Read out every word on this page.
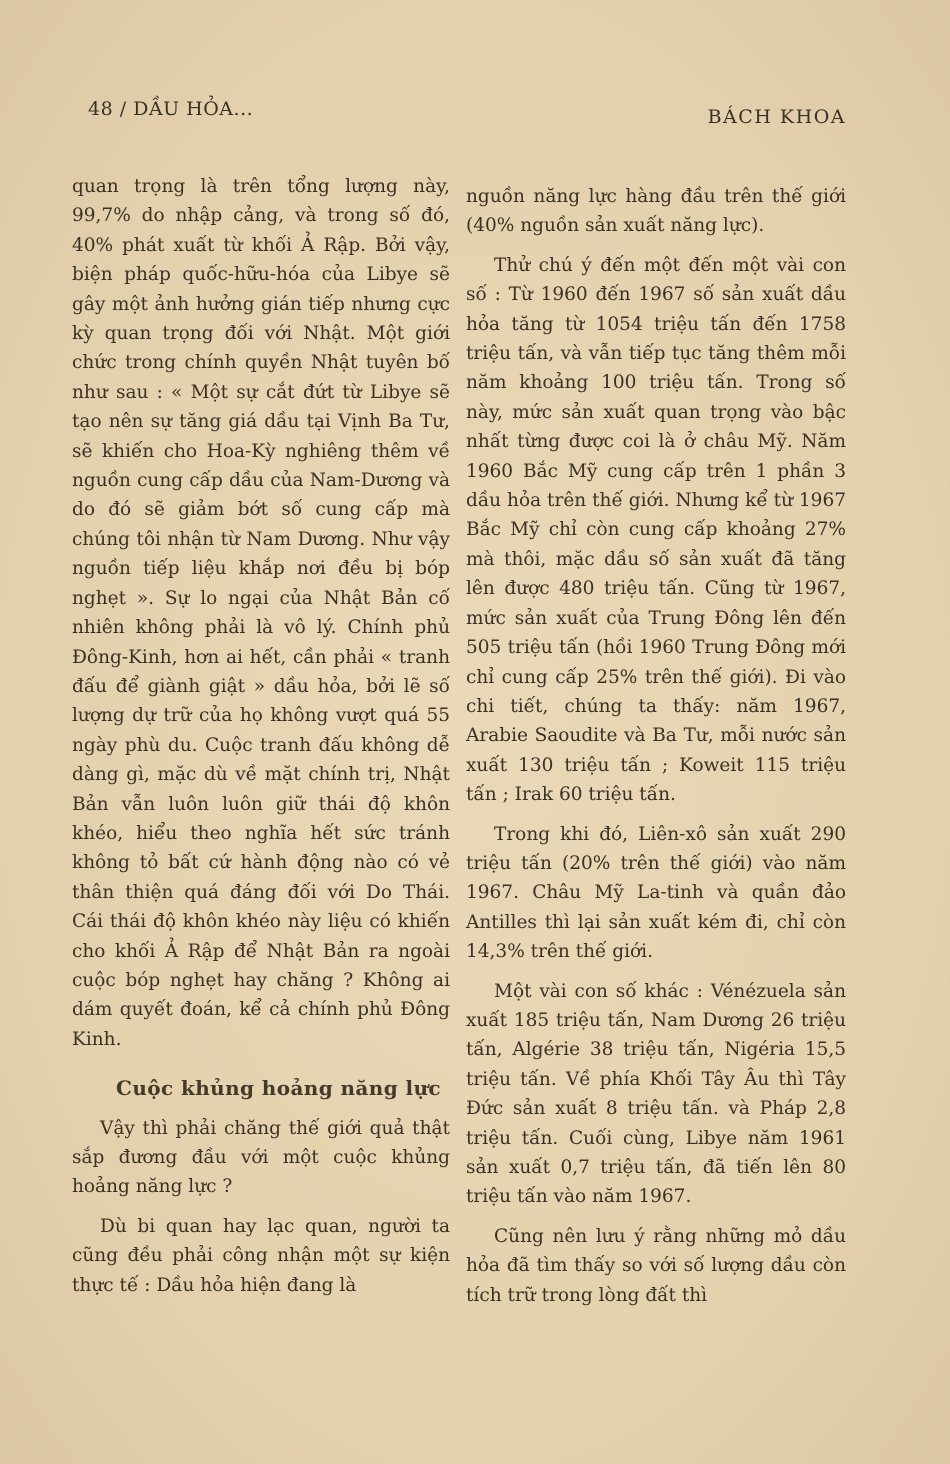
48 / DẦU HỎA...	BÁCH KHOA

quan trọng là trên tổng lượng này, 99,7% do nhập cảng, và trong số đó, 40% phát xuất từ khối Ả Rập. Bởi vậy, biện pháp quốc-hữu-hóa của Libye sẽ gây một ảnh hưởng gián tiếp nhưng cực kỳ quan trọng đối với Nhật. Một giới chức trong chính quyền Nhật tuyên bố như sau : « Một sự cắt đứt từ Libye sẽ tạo nên sự tăng giá dầu tại Vịnh Ba Tư, sẽ khiến cho Hoa-Kỳ nghiêng thêm về nguồn cung cấp dầu của Nam-Dương và do đó sẽ giảm bớt số cung cấp mà chúng tôi nhận từ Nam Dương. Như vậy nguồn tiếp liệu khắp nơi đều bị bóp nghẹt ». Sự lo ngại của Nhật Bản cố nhiên không phải là vô lý. Chính phủ Đông-Kinh, hơn ai hết, cần phải « tranh đấu để giành giật » dầu hỏa, bởi lẽ số lượng dự trữ của họ không vượt quá 55 ngày phù du. Cuộc tranh đấu không dễ dàng gì, mặc dù về mặt chính trị, Nhật Bản vẫn luôn luôn giữ thái độ khôn khéo, hiểu theo nghĩa hết sức tránh không tỏ bất cứ hành động nào có vẻ thân thiện quá đáng đối với Do Thái. Cái thái độ khôn khéo này liệu có khiến cho khối Ả Rập để Nhật Bản ra ngoài cuộc bóp nghẹt hay chăng ? Không ai dám quyết đoán, kể cả chính phủ Đông Kinh.

Cuộc khủng hoảng năng lực

Vậy thì phải chăng thế giới quả thật sắp đương đầu với một cuộc khủng hoảng năng lực ?

Dù bi quan hay lạc quan, người ta cũng đều phải công nhận một sự kiện thực tế : Dầu hỏa hiện đang là

nguồn năng lực hàng đầu trên thế giới (40% nguồn sản xuất năng lực).

Thử chú ý đến một đến một vài con số : Từ 1960 đến 1967 số sản xuất dầu hỏa tăng từ 1054 triệu tấn đến 1758 triệu tấn, và vẫn tiếp tục tăng thêm mỗi năm khoảng 100 triệu tấn. Trong số này, mức sản xuất quan trọng vào bậc nhất từng được coi là ở châu Mỹ. Năm 1960 Bắc Mỹ cung cấp trên 1 phần 3 dầu hỏa trên thế giới. Nhưng kể từ 1967 Bắc Mỹ chỉ còn cung cấp khoảng 27% mà thôi, mặc dầu số sản xuất đã tăng lên được 480 triệu tấn. Cũng từ 1967, mức sản xuất của Trung Đông lên đến 505 triệu tấn (hồi 1960 Trung Đông mới chỉ cung cấp 25% trên thế giới). Đi vào chi tiết, chúng ta thấy: năm 1967, Arabie Saoudite và Ba Tư, mỗi nước sản xuất 130 triệu tấn ; Koweit 115 triệu tấn ; Irak 60 triệu tấn.

Trong khi đó, Liên-xô sản xuất 290 triệu tấn (20% trên thế giới) vào năm 1967. Châu Mỹ La-tinh và quần đảo Antilles thì lại sản xuất kém đi, chỉ còn 14,3% trên thế giới.

Một vài con số khác : Vénézuela sản xuất 185 triệu tấn, Nam Dương 26 triệu tấn, Algérie 38 triệu tấn, Nigéria 15,5 triệu tấn. Về phía Khối Tây Âu thì Tây Đức sản xuất 8 triệu tấn. và Pháp 2,8 triệu tấn. Cuối cùng, Libye năm 1961 sản xuất 0,7 triệu tấn, đã tiến lên 80 triệu tấn vào năm 1967.

Cũng nên lưu ý rằng những mỏ dầu hỏa đã tìm thấy so với số lượng dầu còn tích trữ trong lòng đất thì
